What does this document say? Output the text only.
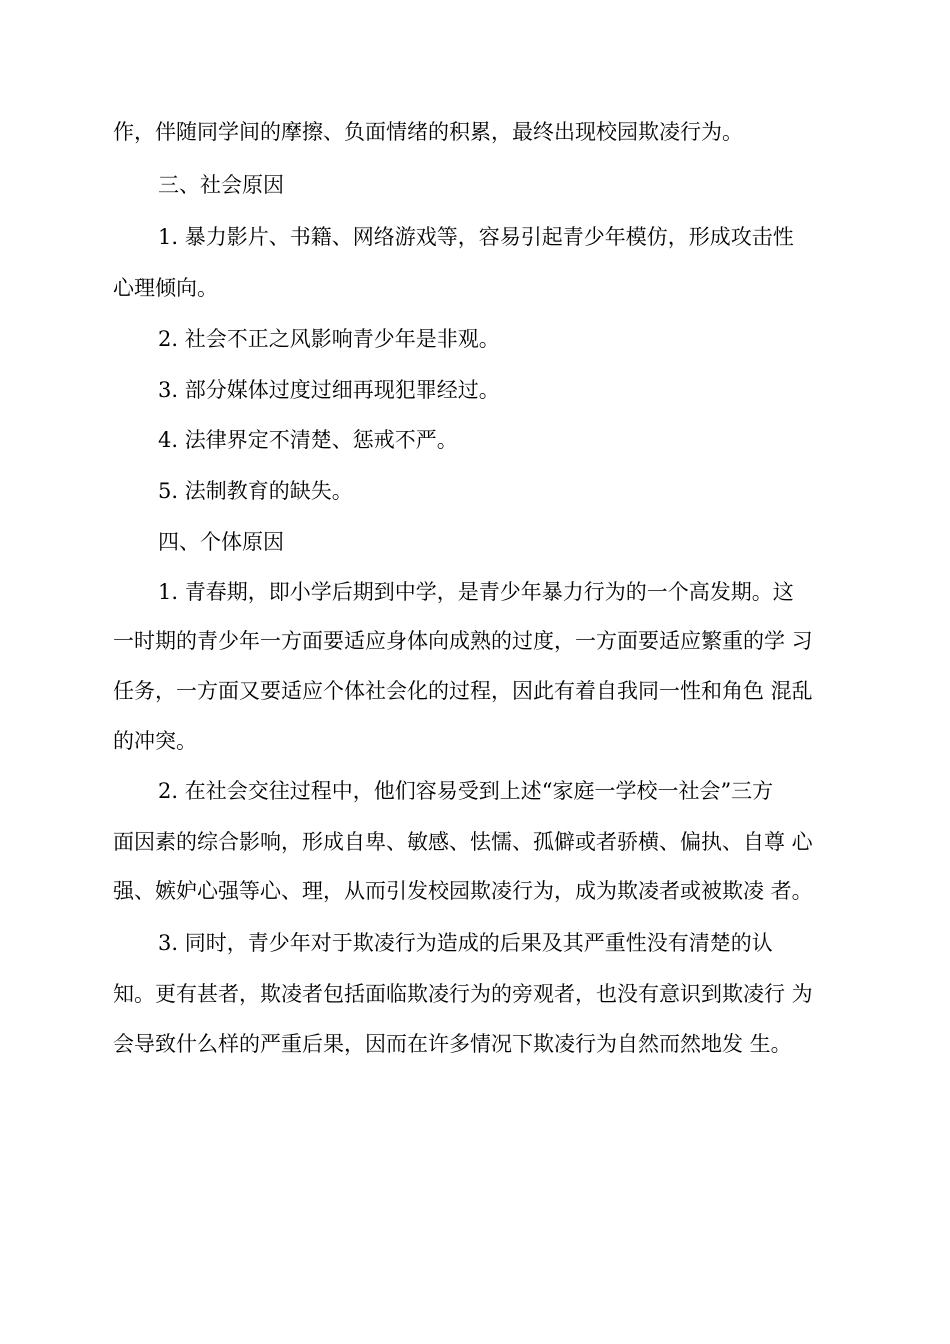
作，伴随同学间的摩擦、负面情绪的积累，最终出现校园欺凌行为。
三、社会原因
1. 暴力影片、书籍、网络游戏等，容易引起青少年模仿，形成攻击性
心理倾向。
2. 社会不正之风影响青少年是非观。
3. 部分媒体过度过细再现犯罪经过。
4. 法律界定不清楚、惩戒不严。
5. 法制教育的缺失。
四、个体原因
1. 青春期，即小学后期到中学，是青少年暴力行为的一个高发期。这
一时期的青少年一方面要适应身体向成熟的过度，一方面要适应繁重的学 习
任务，一方面又要适应个体社会化的过程，因此有着自我同一性和角色 混乱
的冲突。
2. 在社会交往过程中，他们容易受到上述“家庭一学校一社会”三方
面因素的综合影响，形成自卑、敏感、怯懦、孤僻或者骄横、偏执、自尊 心
强、嫉妒心强等心、理，从而引发校园欺凌行为，成为欺凌者或被欺凌 者。
3. 同时，青少年对于欺凌行为造成的后果及其严重性没有清楚的认
知。更有甚者，欺凌者包括面临欺凌行为的旁观者，也没有意识到欺凌行 为
会导致什么样的严重后果，因而在许多情况下欺凌行为自然而然地发 生。
